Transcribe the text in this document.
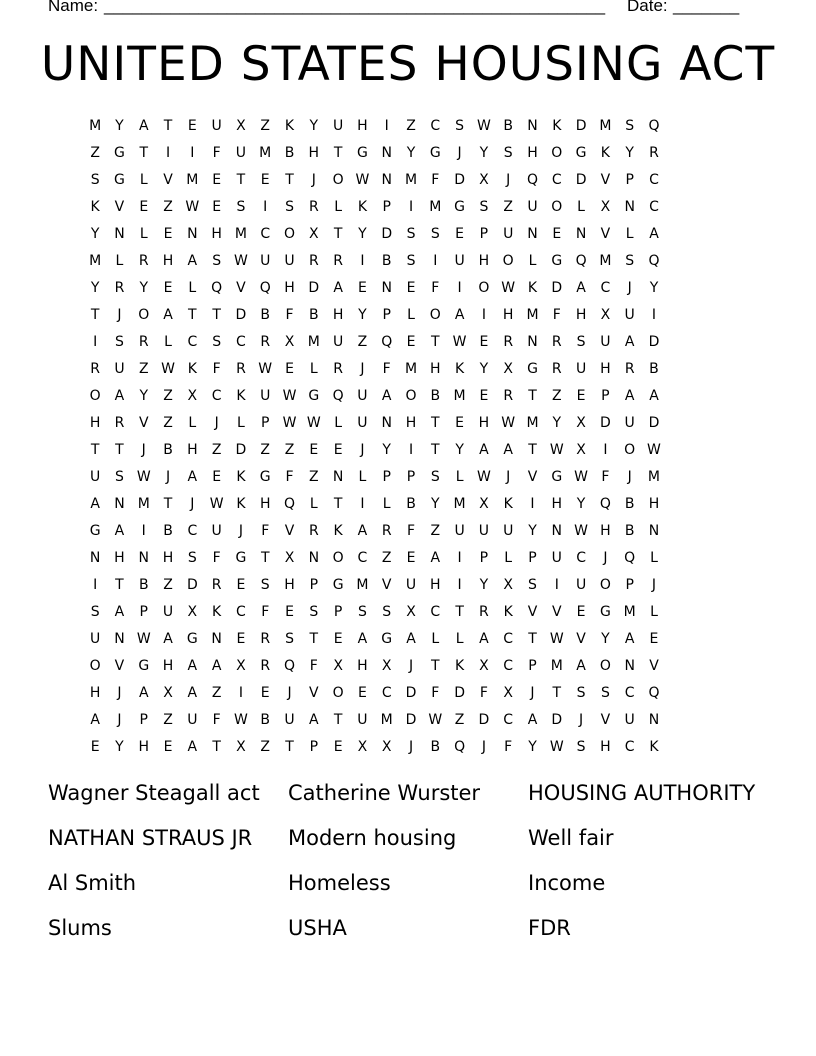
Name: _____________________________________________________ Date: _______
UNITED STATES HOUSING ACT
M Y	A	T	E	U	X	Z	K	Y	U H	I	Z	C	S W B	N	K	D M S	Q
Z	G	T	I	I	F	U M B	H	T	G N	Y	G	J	Y	S	H O G	K	Y	R
S	G	L	V M E	T	E	T	J	O W N M	F	D	X	J	Q C	D	V	P	C
K	V	E	Z W E	S	I	S	R	L	K	P	I	M G	S	Z	U O	L	X	N	C
Y	N	L	E	N H M C O X	T	Y	D	S	S	E	P	U N	E	N	V	L	A
M	L	R	H	A	S W U	U	R	R	I	B	S	I	U H O	L	G Q M S	Q
Y	R	Y	E	L	Q	V Q H D	A	E	N	E	F	I	O W K	D	A	C	J	Y
T	J	O	A	T	T	D	B	F	B	H	Y	P	L	O	A	I	H M	F	H	X	U	I
I	S	R	L	C	S	C	R	X M U	Z Q	E	T W E	R	N	R	S	U	A	D
R	U	Z W K	F	R W E	L	R	J	F	M H	K	Y	X	G	R	U H	R	B
O	A	Y	Z	X	C	K	U W G Q U	A O B M E	R	T	Z	E	P	A	A
H	R	V	Z	L	J	L	P W W L	U N H	T	E	H W M Y	X	D U D
T	T	J	B	H	Z	D	Z	Z	E	E	J	Y	I	T	Y	A	A	T W X	I	O W
U	S W	J	A	E	K	G	F	Z	N	L	P	P	S	L W	J	V	G W F	J	M
A	N M T	J	W K	H Q	L	T	I	L	B	Y M X	K	I	H	Y	Q B	H
G	A	I	B	C	U	J	F	V	R	K	A	R	F	Z	U	U	U	Y	N W H	B	N
N H N H	S	F	G	T	X	N O C	Z	E	A	I	P	L	P	U	C	J	Q	L
I	T	B	Z	D	R	E	S	H	P	G M V	U H	I	Y	X	S	I	U O	P	J
S	A	P	U	X	K	C	F	E	S	P	S	S	X	C	T	R	K	V	V	E	G M	L
U N W A	G N	E	R	S	T	E	A	G	A	L	L	A	C	T W V	Y	A	E
O	V	G H	A	A	X	R Q	F	X	H	X	J	T	K	X	C	P	M A O N	V
H	J	A	X	A	Z	I	E	J	V O	E	C	D	F	D	F	X	J	T	S	S	C Q
A	J	P	Z	U	F W B	U	A	T	U M D W Z	D	C	A	D	J	V	U N
E	Y	H	E	A	T	X	Z	T	P	E	X	X	J	B Q	J	F	Y W S	H	C	K
Wagner Steagall act	Catherine Wurster	HOUSING AUTHORITY
NATHAN STRAUS JR	Modern housing	Well fair
Al Smith	Homeless	Income
Slums	USHA	FDR
